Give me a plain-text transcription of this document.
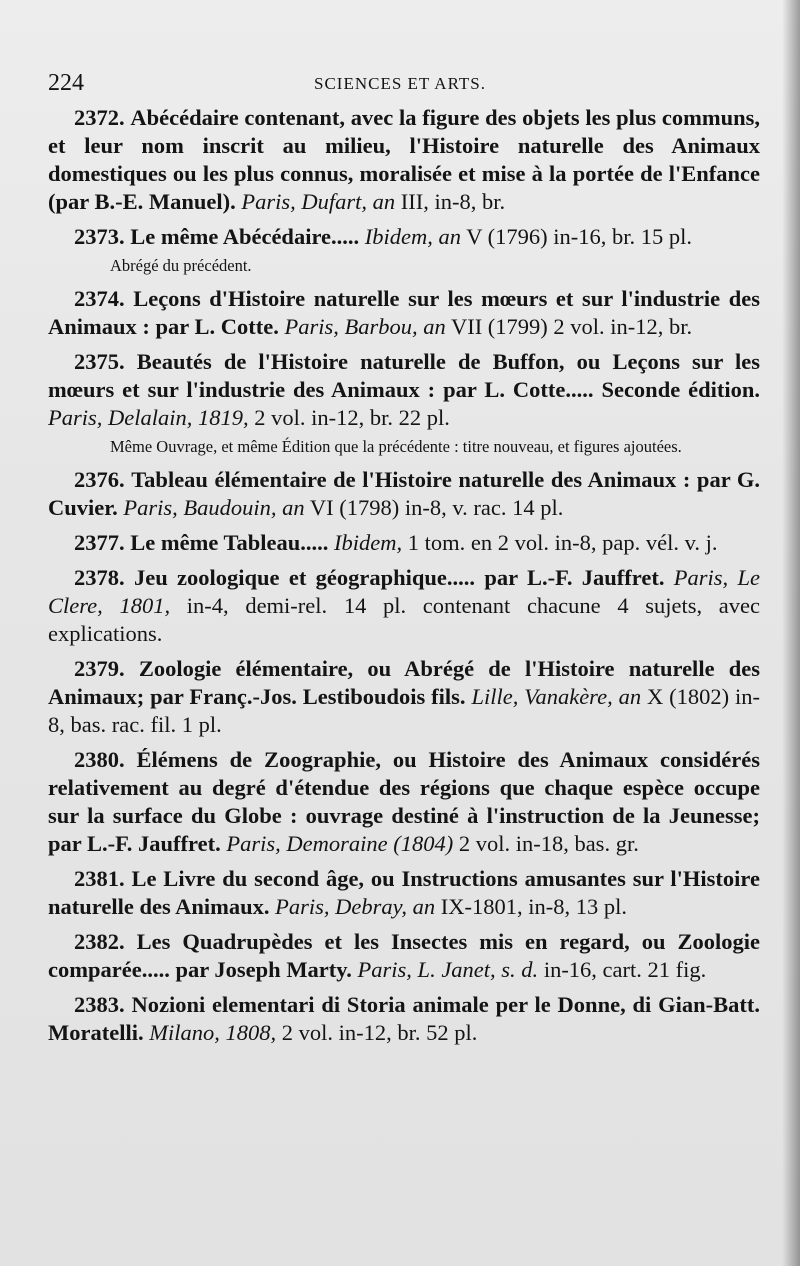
224	SCIENCES ET ARTS.

2372. Abécédaire contenant, avec la figure des objets les plus communs, et leur nom inscrit au milieu, l'Histoire naturelle des Animaux domestiques ou les plus connus, moralisée et mise à la portée de l'Enfance (par B.-E. Manuel). Paris, Dufart, an III, in-8, br.

2373. Le même Abécédaire..... Ibidem, an V (1796) in-16, br. 15 pl.

Abrégé du précédent.

2374. Leçons d'Histoire naturelle sur les mœurs et sur l'industrie des Animaux : par L. Cotte. Paris, Barbou, an VII (1799) 2 vol. in-12, br.

2375. Beautés de l'Histoire naturelle de Buffon, ou Leçons sur les mœurs et sur l'industrie des Animaux : par L. Cotte..... Seconde édition. Paris, Delalain, 1819, 2 vol. in-12, br. 22 pl.

Même Ouvrage, et même Édition que la précédente : titre nouveau, et figures ajoutées.

2376. Tableau élémentaire de l'Histoire naturelle des Animaux : par G. Cuvier. Paris, Baudouin, an VI (1798) in-8, v. rac. 14 pl.

2377. Le même Tableau..... Ibidem, 1 tom. en 2 vol. in-8, pap. vél. v. j.

2378. Jeu zoologique et géographique..... par L.-F. Jauffret. Paris, Le Clere, 1801, in-4, demi-rel. 14 pl. contenant chacune 4 sujets, avec explications.

2379. Zoologie élémentaire, ou Abrégé de l'Histoire naturelle des Animaux; par Franç.-Jos. Lestiboudois fils. Lille, Vanakère, an X (1802) in-8, bas. rac. fil. 1 pl.

2380. Élémens de Zoographie, ou Histoire des Animaux considérés relativement au degré d'étendue des régions que chaque espèce occupe sur la surface du Globe : ouvrage destiné à l'instruction de la Jeunesse; par L.-F. Jauffret. Paris, Demoraine (1804) 2 vol. in-18, bas. gr.

2381. Le Livre du second âge, ou Instructions amusantes sur l'Histoire naturelle des Animaux. Paris, Debray, an IX-1801, in-8, 13 pl.

2382. Les Quadrupèdes et les Insectes mis en regard, ou Zoologie comparée..... par Joseph Marty. Paris, L. Janet, s. d. in-16, cart. 21 fig.

2383. Nozioni elementari di Storia animale per le Donne, di Gian-Batt. Moratelli. Milano, 1808, 2 vol. in-12, br. 52 pl.
